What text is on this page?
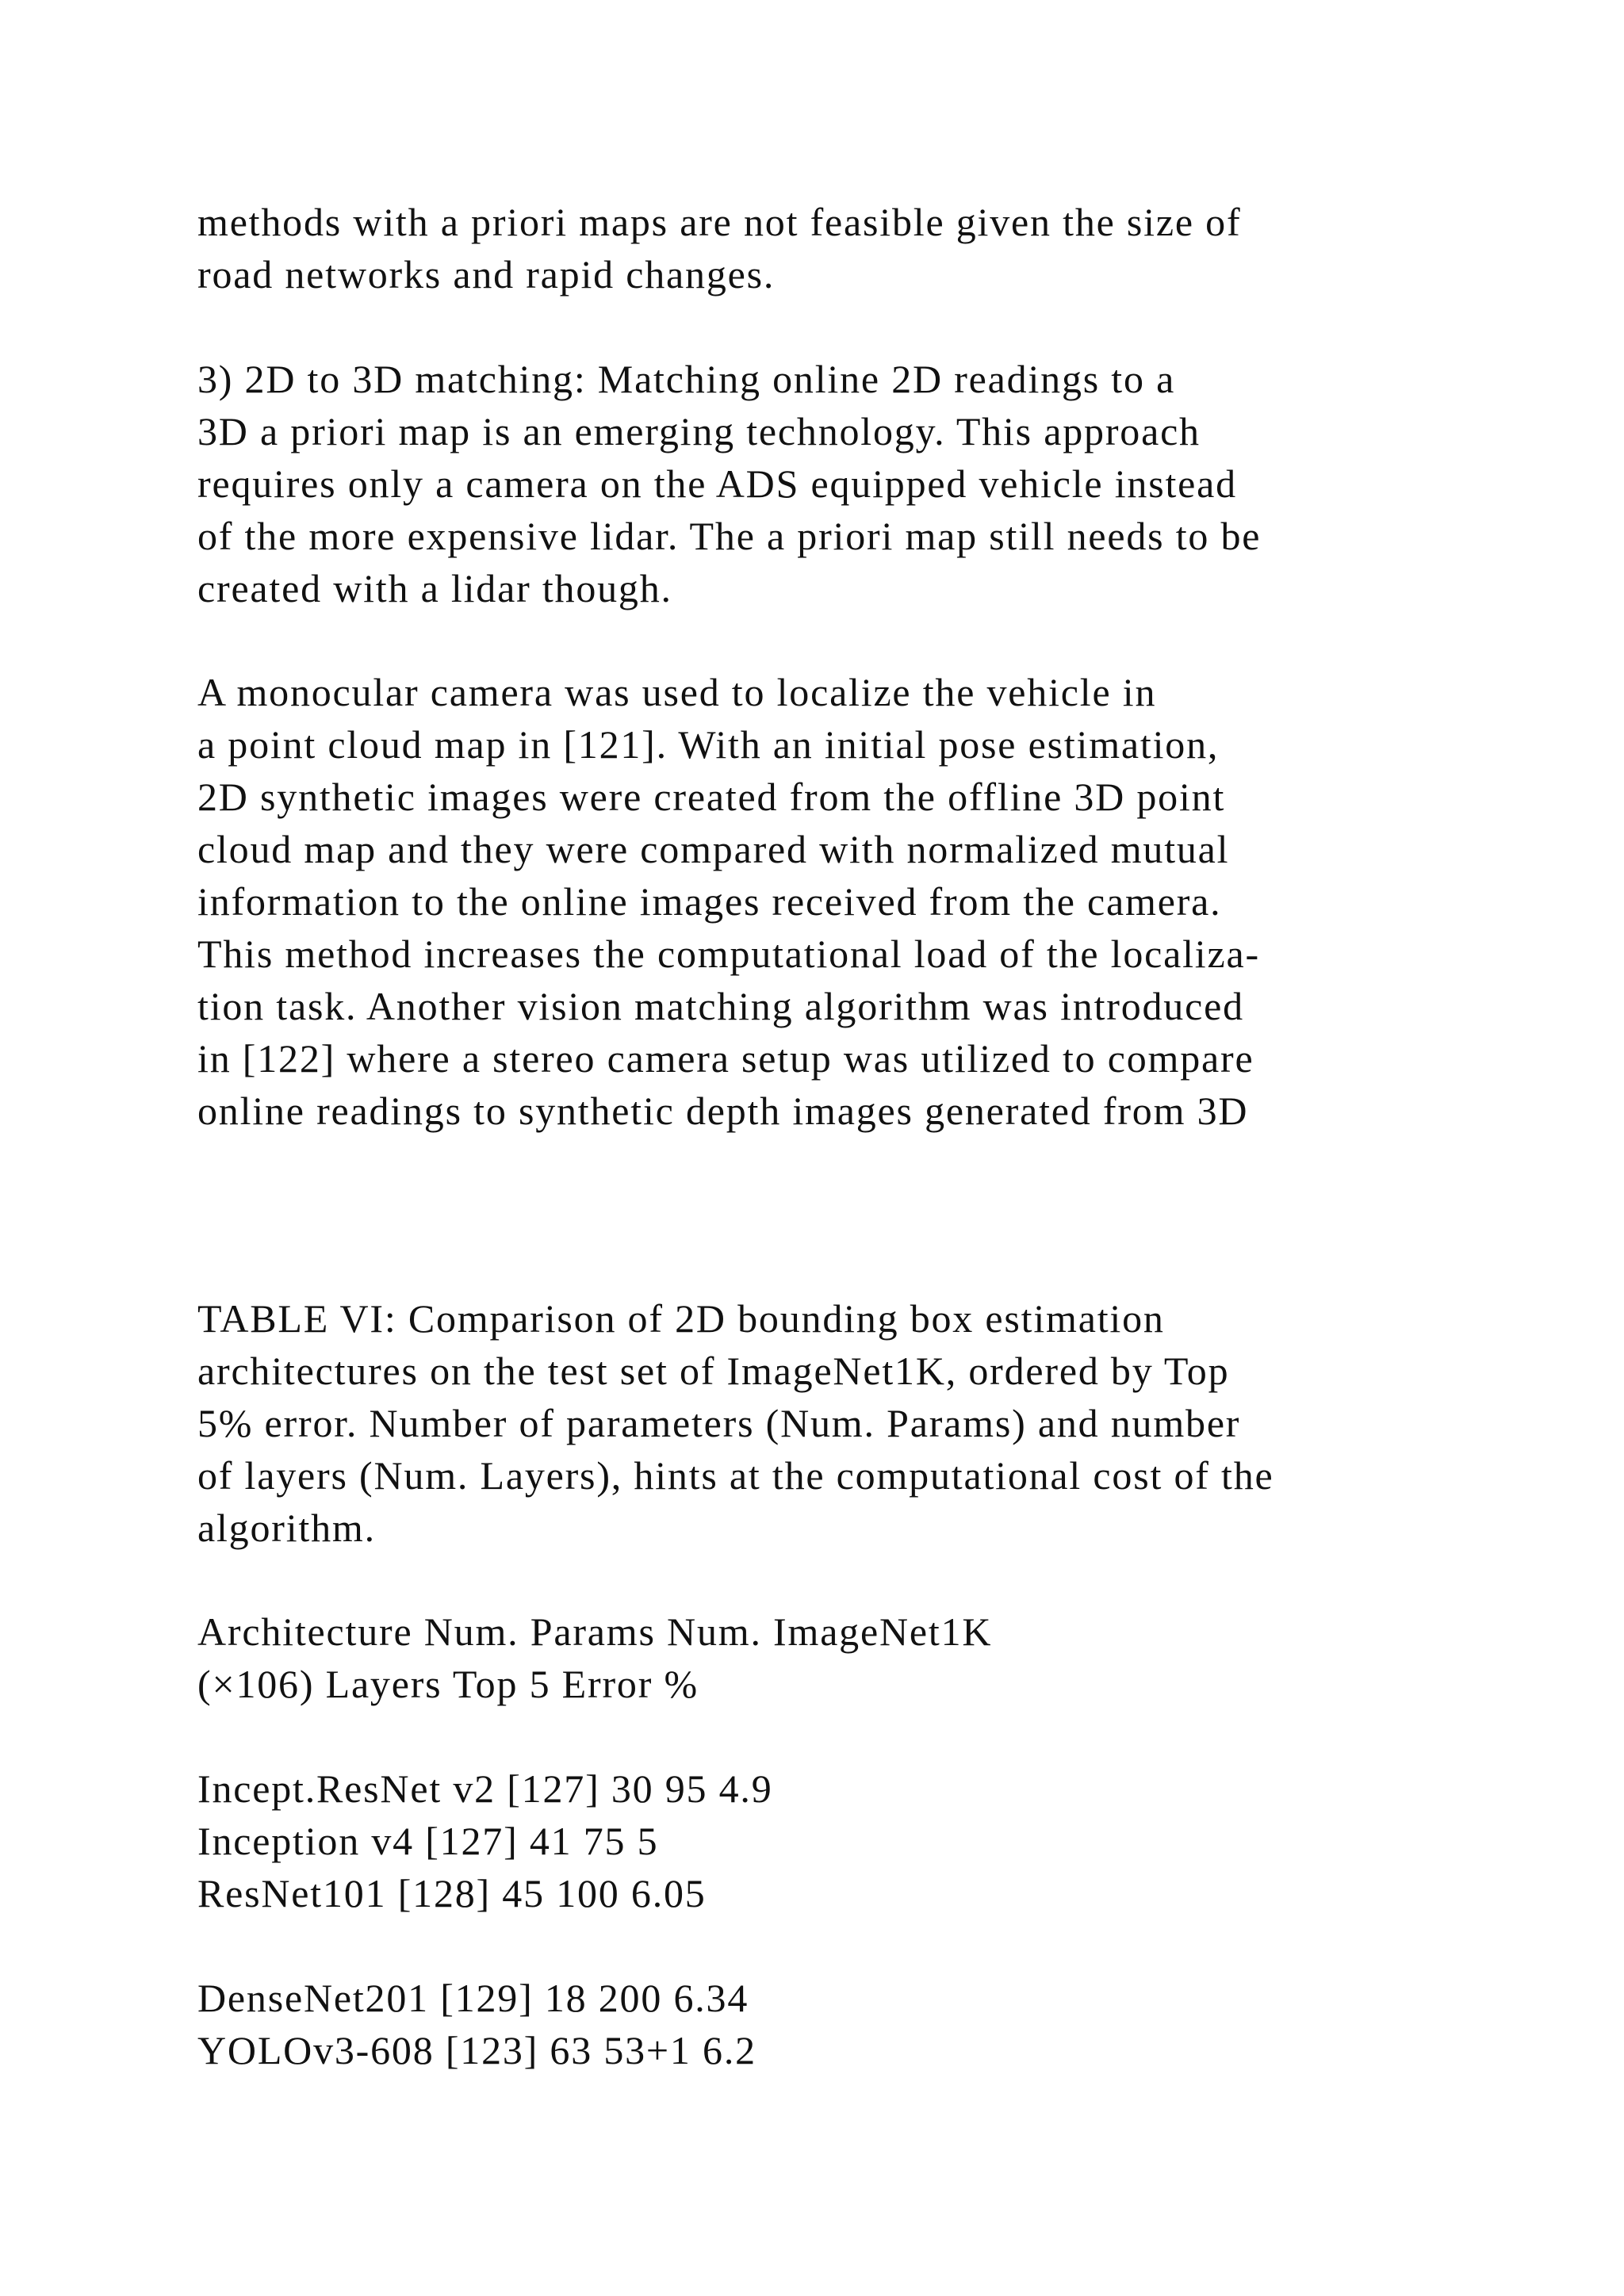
methods with a priori maps are not feasible given the size of
road networks and rapid changes.
3) 2D to 3D matching: Matching online 2D readings to a
3D a priori map is an emerging technology. This approach
requires only a camera on the ADS equipped vehicle instead
of the more expensive lidar. The a priori map still needs to be
created with a lidar though.
A monocular camera was used to localize the vehicle in
a point cloud map in [121]. With an initial pose estimation,
2D synthetic images were created from the offline 3D point
cloud map and they were compared with normalized mutual
information to the online images received from the camera.
This method increases the computational load of the localiza-
tion task. Another vision matching algorithm was introduced
in [122] where a stereo camera setup was utilized to compare
online readings to synthetic depth images generated from 3D
TABLE VI: Comparison of 2D bounding box estimation
architectures on the test set of ImageNet1K, ordered by Top
5% error. Number of parameters (Num. Params) and number
of layers (Num. Layers), hints at the computational cost of the
algorithm.
Architecture Num. Params Num. ImageNet1K
(×106) Layers Top 5 Error %
Incept.ResNet v2 [127] 30 95 4.9
Inception v4 [127] 41 75 5
ResNet101 [128] 45 100 6.05
DenseNet201 [129] 18 200 6.34
YOLOv3-608 [123] 63 53+1 6.2
